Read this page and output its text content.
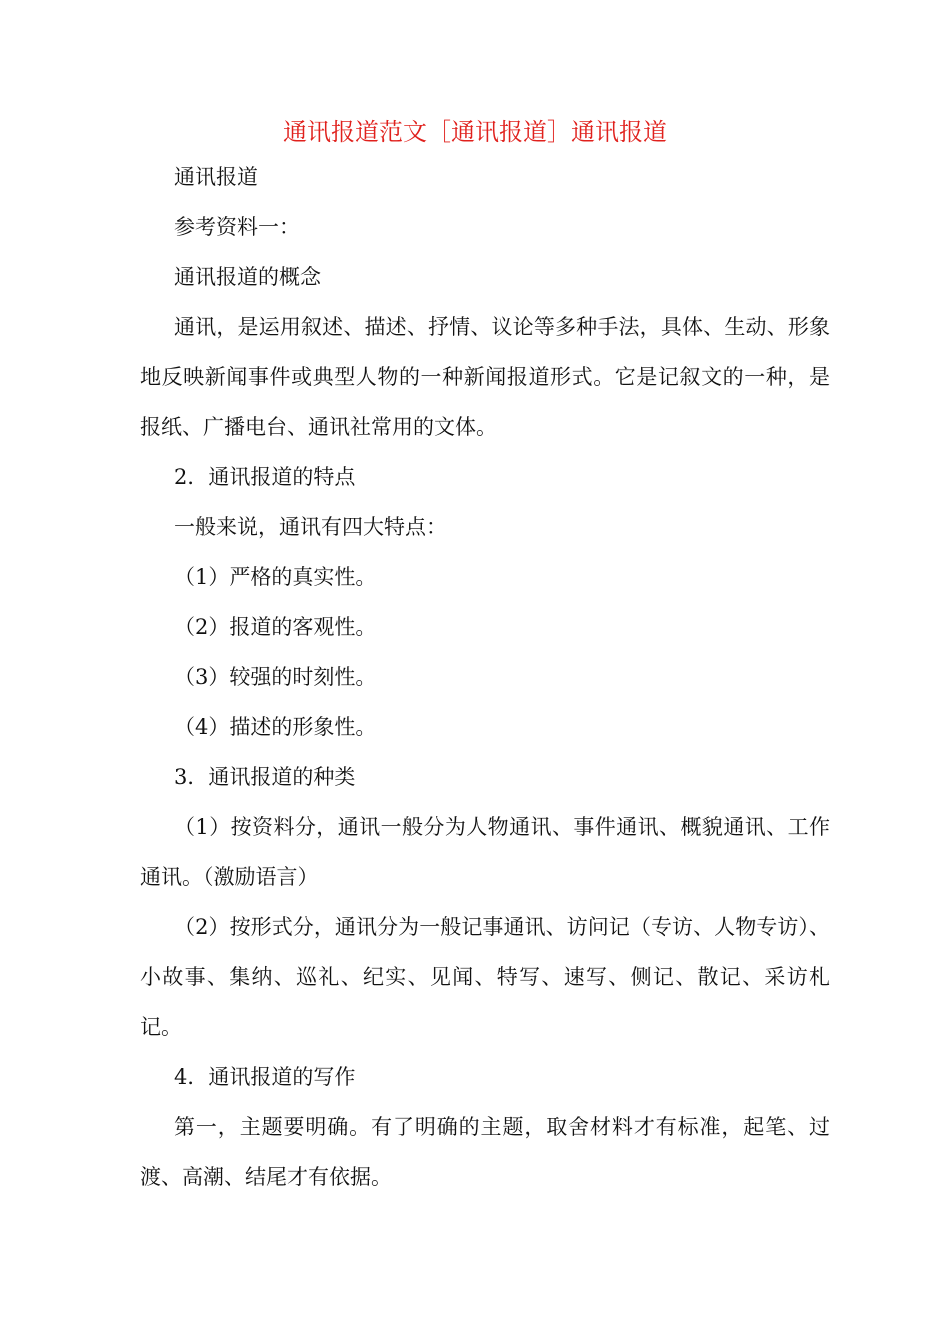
通讯报道范文［通讯报道］通讯报道

通讯报道

参考资料一：

通讯报道的概念

通讯，是运用叙述、描述、抒情、议论等多种手法，具体、生动、形象地反映新闻事件或典型人物的一种新闻报道形式。它是记叙文的一种，是报纸、广播电台、通讯社常用的文体。

2．通讯报道的特点

一般来说，通讯有四大特点：

（1）严格的真实性。

（2）报道的客观性。

（3）较强的时刻性。

（4）描述的形象性。

3．通讯报道的种类

（1）按资料分，通讯一般分为人物通讯、事件通讯、概貌通讯、工作通讯。（激励语言）

（2）按形式分，通讯分为一般记事通讯、访问记（专访、人物专访）、小故事、集纳、巡礼、纪实、见闻、特写、速写、侧记、散记、采访札记。

4．通讯报道的写作

第一，主题要明确。有了明确的主题，取舍材料才有标准，起笔、过渡、高潮、结尾才有依据。
